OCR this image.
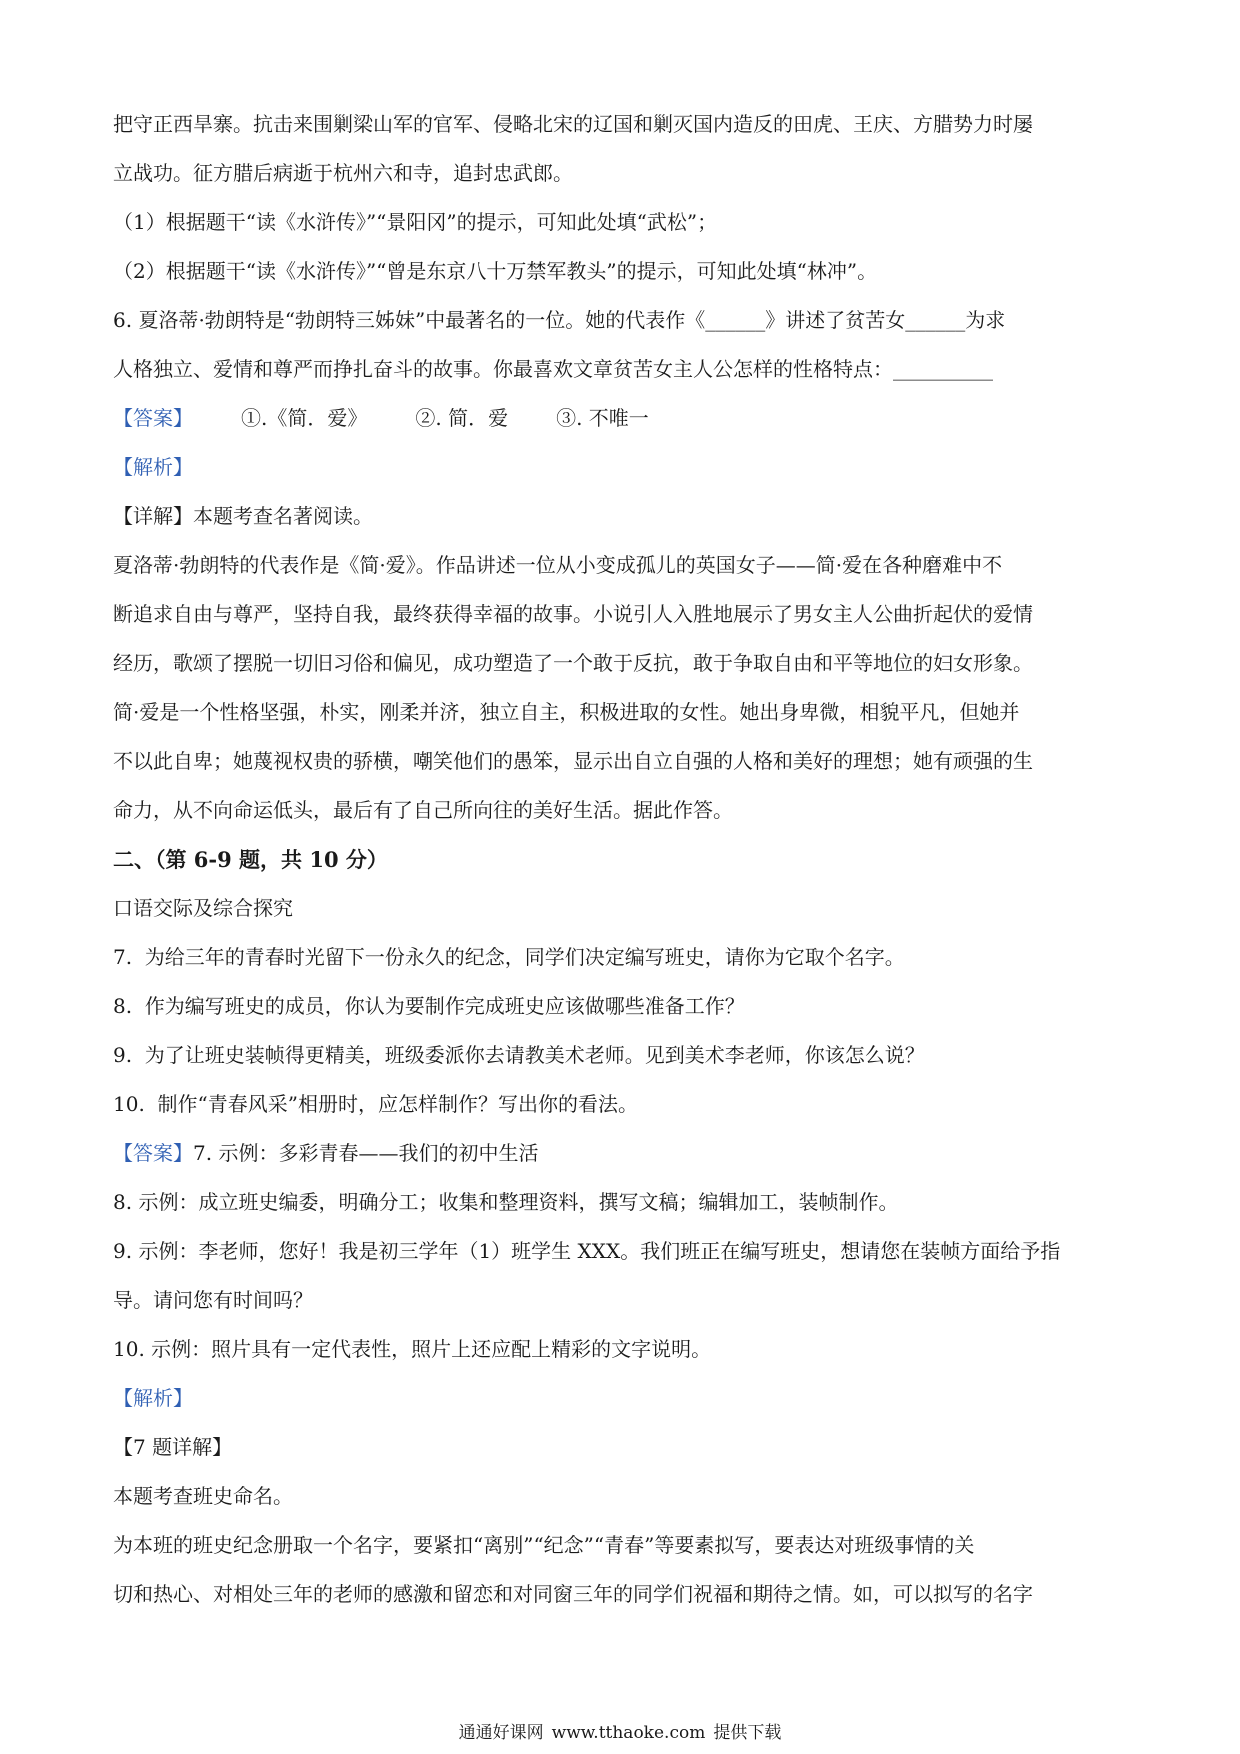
把守正西旱寨。抗击来围剿梁山军的官军、侵略北宋的辽国和剿灭国内造反的田虎、王庆、方腊势力时屡
立战功。征方腊后病逝于杭州六和寺，追封忠武郎。
（1）根据题干“读《水浒传》”“景阳冈”的提示，可知此处填“武松”；
（2）根据题干“读《水浒传》”“曾是东京八十万禁军教头”的提示，可知此处填“林冲”。
6. 夏洛蒂·勃朗特是“勃朗特三姊妹”中最著名的一位。她的代表作《______》讲述了贫苦女______为求
人格独立、爱情和尊严而挣扎奋斗的故事。你最喜欢文章贫苦女主人公怎样的性格特点：__________
【答案】 ①.《简．爱》 ②. 简．爱 ③. 不唯一
【解析】
【详解】本题考查名著阅读。
夏洛蒂·勃朗特的代表作是《简·爱》。作品讲述一位从小变成孤儿的英国女子——简·爱在各种磨难中不
断追求自由与尊严，坚持自我，最终获得幸福的故事。小说引人入胜地展示了男女主人公曲折起伏的爱情
经历，歌颂了摆脱一切旧习俗和偏见，成功塑造了一个敢于反抗，敢于争取自由和平等地位的妇女形象。
简·爱是一个性格坚强，朴实，刚柔并济，独立自主，积极进取的女性。她出身卑微，相貌平凡，但她并
不以此自卑；她蔑视权贵的骄横，嘲笑他们的愚笨，显示出自立自强的人格和美好的理想；她有顽强的生
命力，从不向命运低头，最后有了自己所向往的美好生活。据此作答。
二、（第 6-9 题，共 10 分）
口语交际及综合探究
7.  为给三年的青春时光留下一份永久的纪念，同学们决定编写班史，请你为它取个名字。
8.  作为编写班史的成员，你认为要制作完成班史应该做哪些准备工作？
9.  为了让班史装帧得更精美，班级委派你去请教美术老师。见到美术李老师，你该怎么说？
10.  制作“青春风采”相册时，应怎样制作？写出你的看法。
【答案】7. 示例：多彩青春——我们的初中生活
8. 示例：成立班史编委，明确分工；收集和整理资料，撰写文稿；编辑加工，装帧制作。
9. 示例：李老师，您好！我是初三学年（1）班学生 XXX。我们班正在编写班史，想请您在装帧方面给予指
导。请问您有时间吗？
10. 示例：照片具有一定代表性，照片上还应配上精彩的文字说明。
【解析】
【7 题详解】
本题考查班史命名。
为本班的班史纪念册取一个名字，要紧扣“离别”“纪念”“青春”等要素拟写，要表达对班级事情的关
切和热心、对相处三年的老师的感激和留恋和对同窗三年的同学们祝福和期待之情。如，可以拟写的名字
通通好课网 www.tthaoke.com 提供下载
